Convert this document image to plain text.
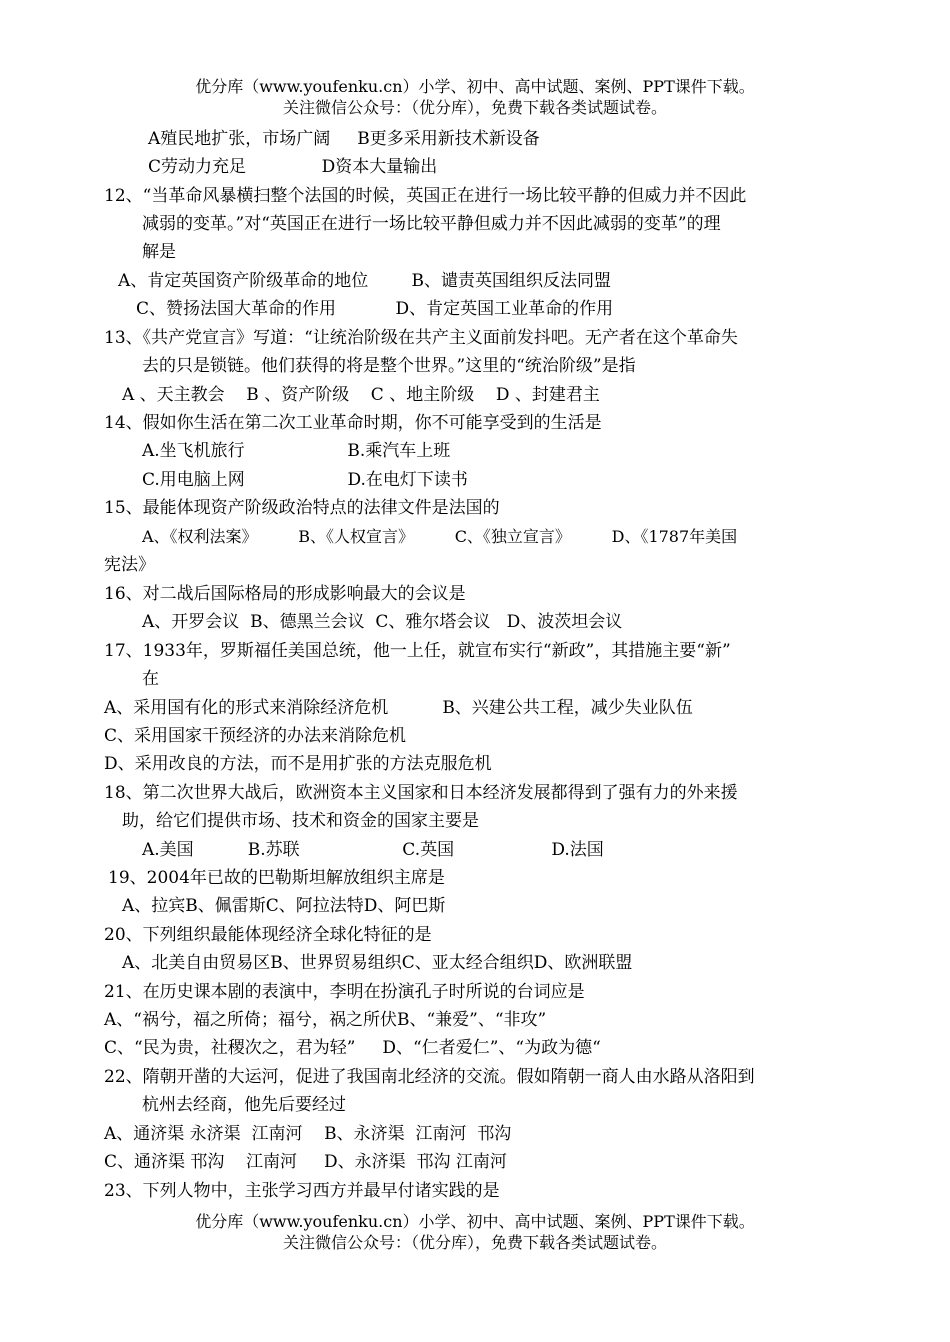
优分库（www.youfenku.cn）小学、初中、高中试题、案例、PPT课件下载。
关注微信公众号：（优分库），免费下载各类试题试卷。
A殖民地扩张，市场广阔     B更多采用新技术新设备
C劳动力充足              D资本大量输出
12、“当革命风暴横扫整个法国的时候，英国正在进行一场比较平静的但威力并不因此
减弱的变革。”对“英国正在进行一场比较平静但威力并不因此减弱的变革”的理
解是
A、肯定英国资产阶级革命的地位        B、谴责英国组织反法同盟
C、赞扬法国大革命的作用           D、肯定英国工业革命的作用
13、《共产党宣言》写道：“让统治阶级在共产主义面前发抖吧。无产者在这个革命失
去的只是锁链。他们获得的将是整个世界。”这里的“统治阶级”是指
A 、天主教会    B 、资产阶级    C 、地主阶级    D 、封建君主
14、假如你生活在第二次工业革命时期，你不可能享受到的生活是
A.坐飞机旅行                   B.乘汽车上班
C.用电脑上网                   D.在电灯下读书
15、最能体现资产阶级政治特点的法律文件是法国的
A、《权利法案》        B、《人权宣言》        C、《独立宣言》        D、《1787年美国
宪法》
16、对二战后国际格局的形成影响最大的会议是
A、开罗会议  B、德黑兰会议  C、雅尔塔会议   D、波茨坦会议
17、1933年，罗斯福任美国总统，他一上任，就宣布实行“新政”，其措施主要“新”
在
A、采用国有化的形式来消除经济危机          B、兴建公共工程，减少失业队伍
C、采用国家干预经济的办法来消除危机
D、采用改良的方法，而不是用扩张的方法克服危机
18、第二次世界大战后，欧洲资本主义国家和日本经济发展都得到了强有力的外来援
助，给它们提供市场、技术和资金的国家主要是
A.美国          B.苏联                   C.英国                  D.法国
19、2004年已故的巴勒斯坦解放组织主席是
A、拉宾B、佩雷斯C、阿拉法特D、阿巴斯
20、下列组织最能体现经济全球化特征的是
A、北美自由贸易区B、世界贸易组织C、亚太经合组织D、欧洲联盟
21、在历史课本剧的表演中，李明在扮演孔子时所说的台词应是
A、“祸兮，福之所倚；福兮，祸之所伏B、“兼爱”、“非攻”
C、“民为贵，社稷次之，君为轻”     D、“仁者爱仁”、“为政为德“
22、隋朝开凿的大运河，促进了我国南北经济的交流。假如隋朝一商人由水路从洛阳到
杭州去经商，他先后要经过
A、通济渠 永济渠  江南河    B、永济渠  江南河  邗沟
C、通济渠 邗沟    江南河     D、永济渠  邗沟 江南河
23、下列人物中，主张学习西方并最早付诸实践的是
优分库（www.youfenku.cn）小学、初中、高中试题、案例、PPT课件下载。
关注微信公众号：（优分库），免费下载各类试题试卷。
